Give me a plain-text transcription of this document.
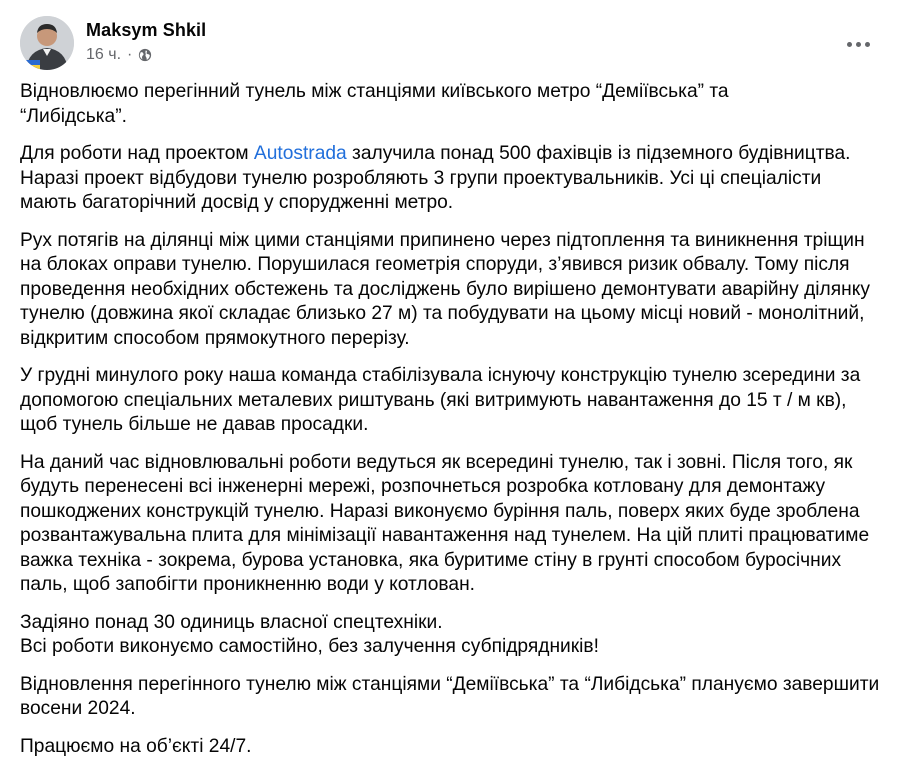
Maksym Shkil
16 ч. ·

Відновлюємо перегінний тунель між станціями київського метро “Деміївська” та
“Либідська”.

Для роботи над проектом Autostrada залучила понад 500 фахівців із підземного будівництва. Наразі проект відбудови тунелю розробляють 3 групи проектувальників. Усі ці спеціалісти мають багаторічний досвід у спорудженні метро.

Рух потягів на ділянці між цими станціями припинено через підтоплення та виникнення тріщин на блоках оправи тунелю. Порушилася геометрія споруди, з’явився ризик обвалу. Тому після проведення необхідних обстежень та досліджень було вирішено демонтувати аварійну ділянку тунелю (довжина якої складає близько 27 м) та побудувати на цьому місці новий - монолітний, відкритим способом прямокутного перерізу.

У грудні минулого року наша команда стабілізувала існуючу конструкцію тунелю зсередини за допомогою спеціальних металевих риштувань (які витримують навантаження до 15 т / м кв), щоб тунель більше не давав просадки.

На даний час відновлювальні роботи ведуться як всередині тунелю, так і зовні. Після того, як будуть перенесені всі інженерні мережі, розпочнеться розробка котловану для демонтажу пошкоджених конструкцій тунелю. Наразі виконуємо буріння паль, поверх яких буде зроблена розвантажувальна плита для мінімізації навантаження над тунелем. На цій плиті працюватиме важка техніка - зокрема, бурова установка, яка буритиме стіну в грунті способом буросічних паль, щоб запобігти проникненню води у котлован.

Задіяно понад 30 одиниць власної спецтехніки.
Всі роботи виконуємо самостійно, без залучення субпідрядників!

Відновлення перегінного тунелю між станціями “Деміївська” та “Либідська” плануємо завершити восени 2024.

Працюємо на об’єкті 24/7.
